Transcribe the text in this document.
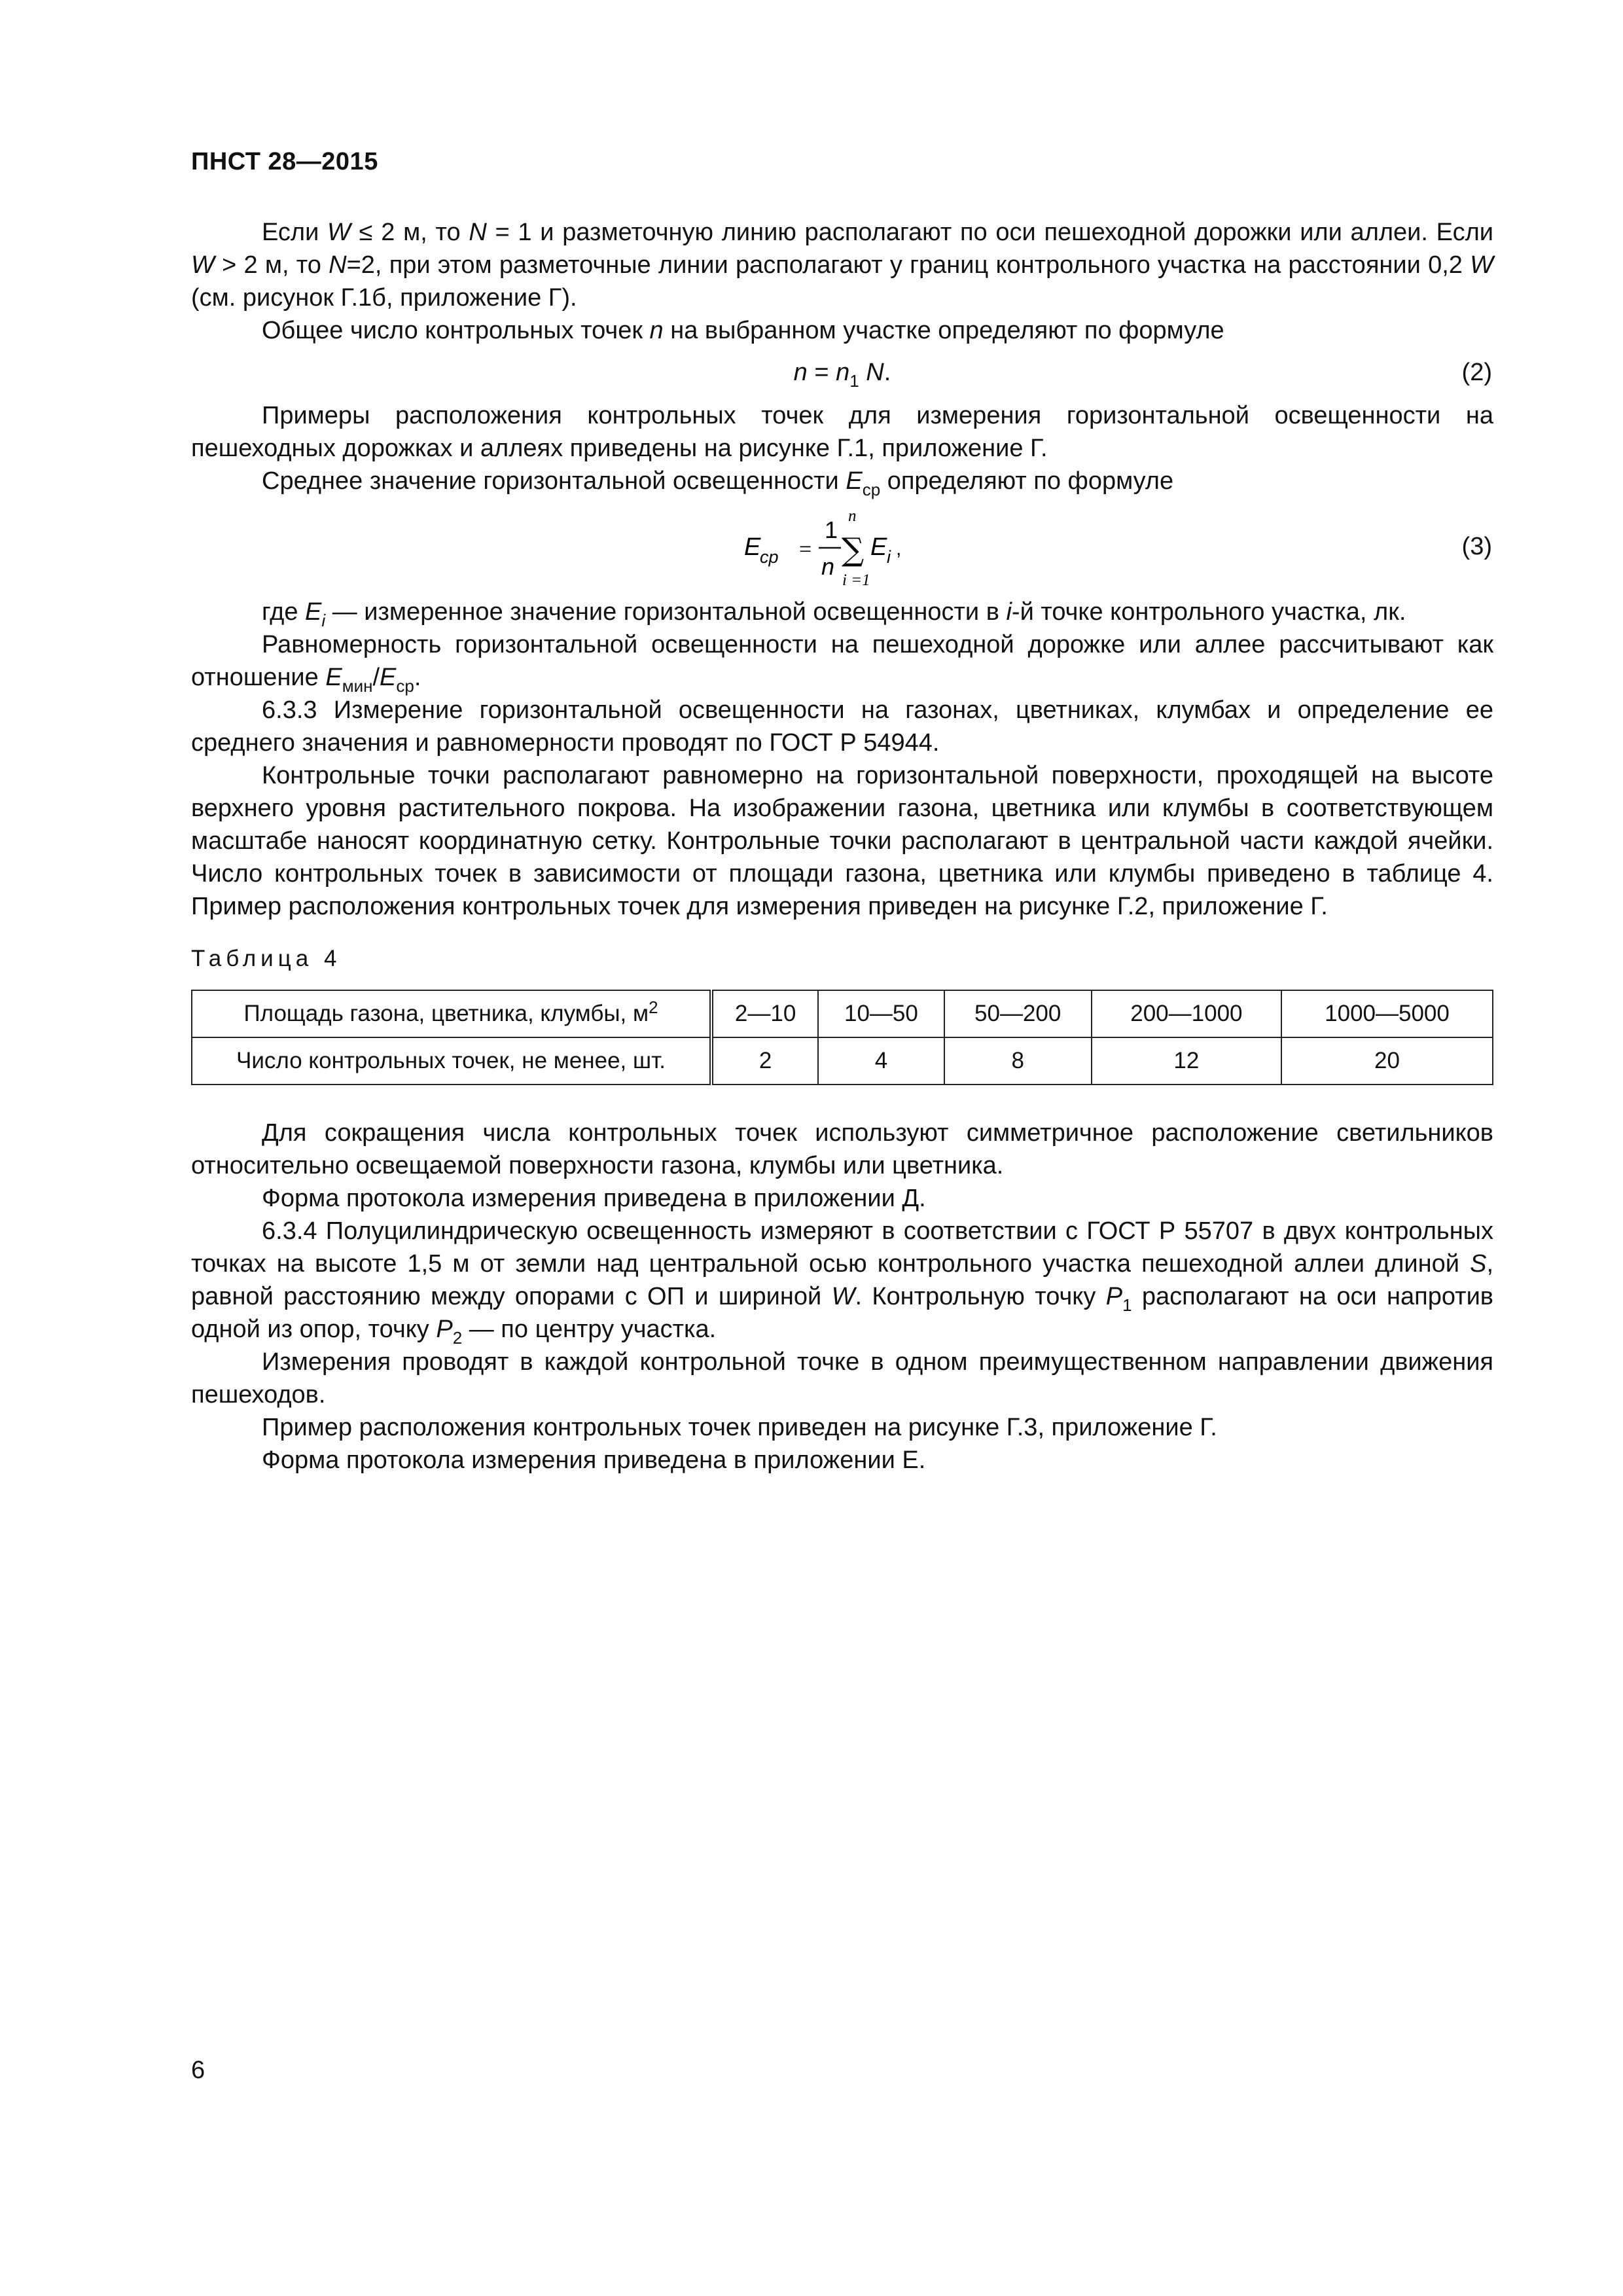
ПНСТ 28—2015

Если W ≤ 2 м, то N = 1 и разметочную линию располагают по оси пешеходной дорожки или аллеи. Если W > 2 м, то N=2, при этом разметочные линии располагают у границ контрольного участка на расстоянии 0,2 W (см. рисунок Г.1б, приложение Г).

Общее число контрольных точек n на выбранном участке определяют по формуле

$n = n_1$ N.	(2)

Примеры расположения контрольных точек для измерения горизонтальной освещенности на пешеходных дорожках и аллеях приведены на рисунке Г.1, приложение Г.

Среднее значение горизонтальной освещенности $E_{ср}$ определяют по формуле

E
ср =
1
n
n
∑
i =1
E i ,	(3)

где $E_i$ — измеренное значение горизонтальной освещенности в i-й точке контрольного участка, лк.

Равномерность горизонтальной освещенности на пешеходной дорожке или аллее рассчитывают как отношение $E_{мин}/E_{ср}$.

6.3.3 Измерение горизонтальной освещенности на газонах, цветниках, клумбах и определение ее среднего значения и равномерности проводят по ГОСТ Р 54944.

Контрольные точки располагают равномерно на горизонтальной поверхности, проходящей на высоте верхнего уровня растительного покрова. На изображении газона, цветника или клумбы в соответствующем масштабе наносят координатную сетку. Контрольные точки располагают в центральной части каждой ячейки. Число контрольных точек в зависимости от площади газона, цветника или клумбы приведено в таблице 4. Пример расположения контрольных точек для измерения приведен на рисунке Г.2, приложение Г.

Таблица 4
Площадь газона, цветника, клумбы, $м^2$	2—10	10—50	50—200	200—1000	1000—5000
Число контрольных точек, не менее, шт.	2	4	8	12	20

Для сокращения числа контрольных точек используют симметричное расположение светильников относительно освещаемой поверхности газона, клумбы или цветника.

Форма протокола измерения приведена в приложении Д.

6.3.4 Полуцилиндрическую освещенность измеряют в соответствии с ГОСТ Р 55707 в двух контрольных точках на высоте 1,5 м от земли над центральной осью контрольного участка пешеходной аллеи длиной S, равной расстоянию между опорами с ОП и шириной W. Контрольную точку $P_1$ располагают на оси напротив одной из опор, точку $P_2$ — по центру участка.

Измерения проводят в каждой контрольной точке в одном преимущественном направлении движения пешеходов.

Пример расположения контрольных точек приведен на рисунке Г.3, приложение Г.

Форма протокола измерения приведена в приложении Е.

6
